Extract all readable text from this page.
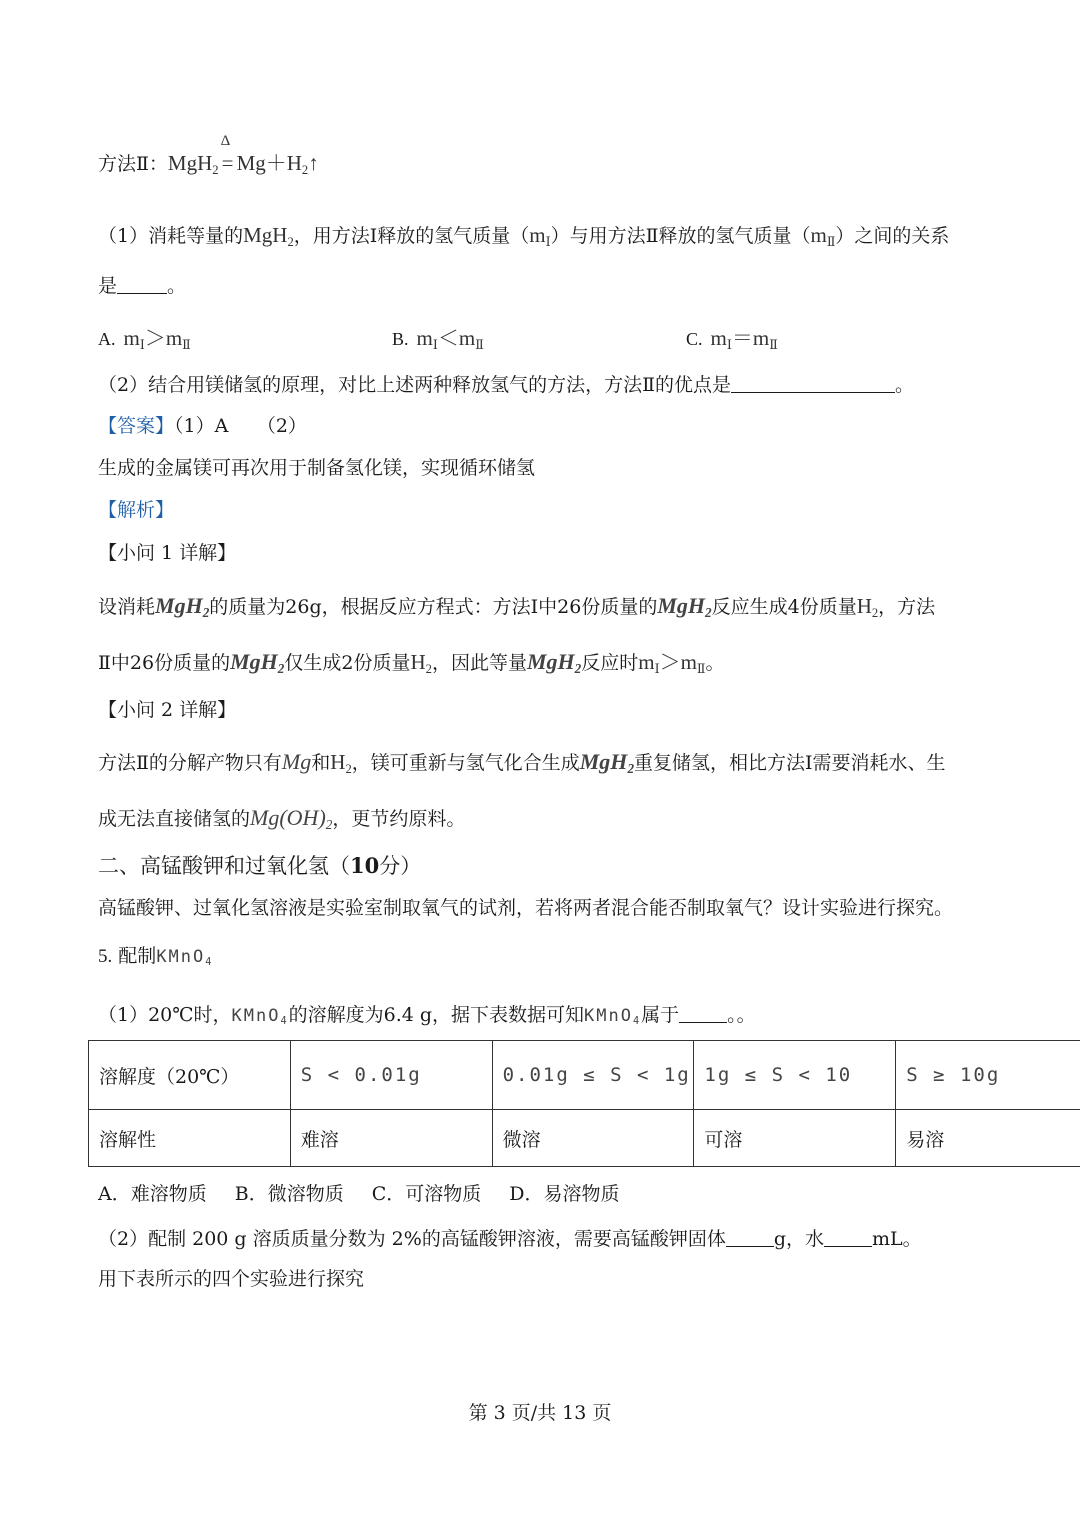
方法Ⅱ：MgH$_2$
Δ
= $Mg+H_2↑$
（1）消耗等量的MgH$_2$，用方法Ⅰ释放的氢气质量$(m_Ⅰ)$与用方法Ⅱ释放的氢气质量$(m_Ⅱ)$之间的关系
是	。
A. $m_Ⅰ>m_Ⅱ$	B. $m_Ⅰ<m_Ⅱ$	C. $m_Ⅰ=m_Ⅱ$
（2）结合用镁储氢的原理，对比上述两种释放氢气的方法，方法Ⅱ的优点是	。
【答案】（1）A　　（2）
生成的金属镁可再次用于制备氢化镁，实现循环储氢
【解析】
【小问 1 详解】
设消耗MgH$_2$的质量为26g，根据反应方程式：方法Ⅰ中26份质量的MgH$_2$反应生成4份质量$H_2$，方法
Ⅱ中26份质量的MgH$_2$仅生成2份质量$H_2$，因此等量MgH$_2$反应时$m_Ⅰ>m_Ⅱ$。
【小问 2 详解】
方法Ⅱ的分解产物只有Mg和$H_2$，镁可重新与氢气化合生成MgH$_2$重复储氢，相比方法Ⅰ需要消耗水、生
成无法直接储氢的$Mg(OH)_2$，更节约原料。
二、高锰酸钾和过氧化氢（10分）
高锰酸钾、过氧化氢溶液是实验室制取氧气的试剂，若将两者混合能否制取氧气？设计实验进行探究。
5. 配制KMnO$_4$
（1）20℃时，KMnO$_4$的溶解度为6.4 g，据下表数据可知KMnO$_4$属于	。。
溶解度（20℃）	S < 0.01g	0.01g ≤ S < 1g	1g ≤ S < 10	S ≥ 10g
溶解性	难溶	微溶	可溶	易溶
A．难溶物质 B．微溶物质 C．可溶物质 D．易溶物质
（2）配制 200 g 溶质质量分数为 2%的高锰酸钾溶液，需要高锰酸钾固体	g，水	mL。
用下表所示的四个实验进行探究
第 3 页/共 13 页
